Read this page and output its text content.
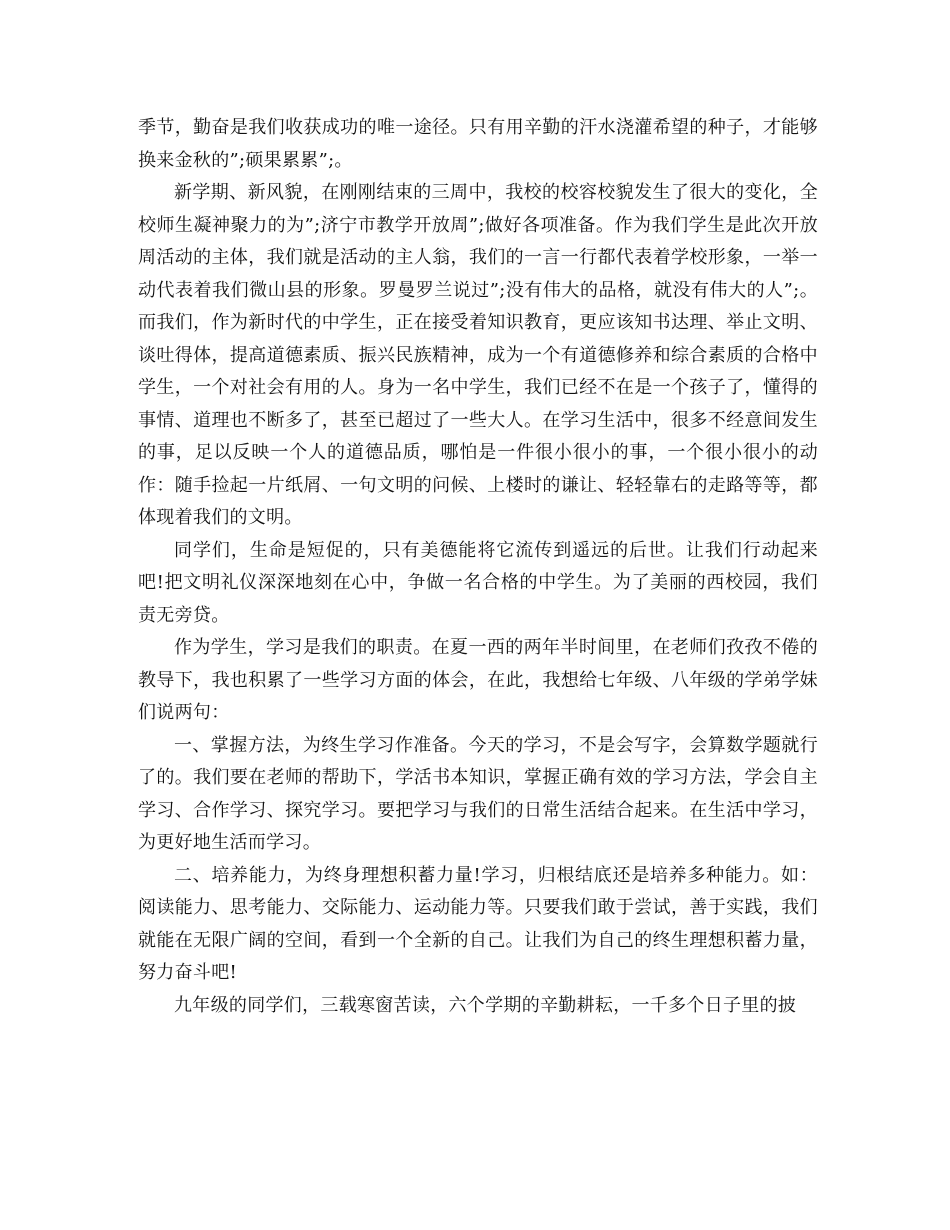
季节，勤奋是我们收获成功的唯一途径。只有用辛勤的汗水浇灌希望的种子，才能够换来金秋的”;硕果累累”;。

新学期、新风貌，在刚刚结束的三周中，我校的校容校貌发生了很大的变化，全校师生凝神聚力的为”;济宁市教学开放周”;做好各项准备。作为我们学生是此次开放周活动的主体，我们就是活动的主人翁，我们的一言一行都代表着学校形象，一举一动代表着我们微山县的形象。罗曼罗兰说过”;没有伟大的品格，就没有伟大的人”;。而我们，作为新时代的中学生，正在接受着知识教育，更应该知书达理、举止文明、谈吐得体，提高道德素质、振兴民族精神，成为一个有道德修养和综合素质的合格中学生，一个对社会有用的人。身为一名中学生，我们已经不在是一个孩子了，懂得的事情、道理也不断多了，甚至已超过了一些大人。在学习生活中，很多不经意间发生的事，足以反映一个人的道德品质，哪怕是一件很小很小的事，一个很小很小的动作：随手捡起一片纸屑、一句文明的问候、上楼时的谦让、轻轻靠右的走路等等，都体现着我们的文明。

同学们，生命是短促的，只有美德能将它流传到遥远的后世。让我们行动起来吧!把文明礼仪深深地刻在心中，争做一名合格的中学生。为了美丽的西校园，我们责无旁贷。

作为学生，学习是我们的职责。在夏一西的两年半时间里，在老师们孜孜不倦的教导下，我也积累了一些学习方面的体会，在此，我想给七年级、八年级的学弟学妹们说两句：

一、掌握方法，为终生学习作准备。今天的学习，不是会写字，会算数学题就行了的。我们要在老师的帮助下，学活书本知识，掌握正确有效的学习方法，学会自主学习、合作学习、探究学习。要把学习与我们的日常生活结合起来。在生活中学习，为更好地生活而学习。

二、培养能力，为终身理想积蓄力量!学习，归根结底还是培养多种能力。如：阅读能力、思考能力、交际能力、运动能力等。只要我们敢于尝试，善于实践，我们就能在无限广阔的空间，看到一个全新的自己。让我们为自己的终生理想积蓄力量，努力奋斗吧!

九年级的同学们，三载寒窗苦读，六个学期的辛勤耕耘，一千多个日子里的披
